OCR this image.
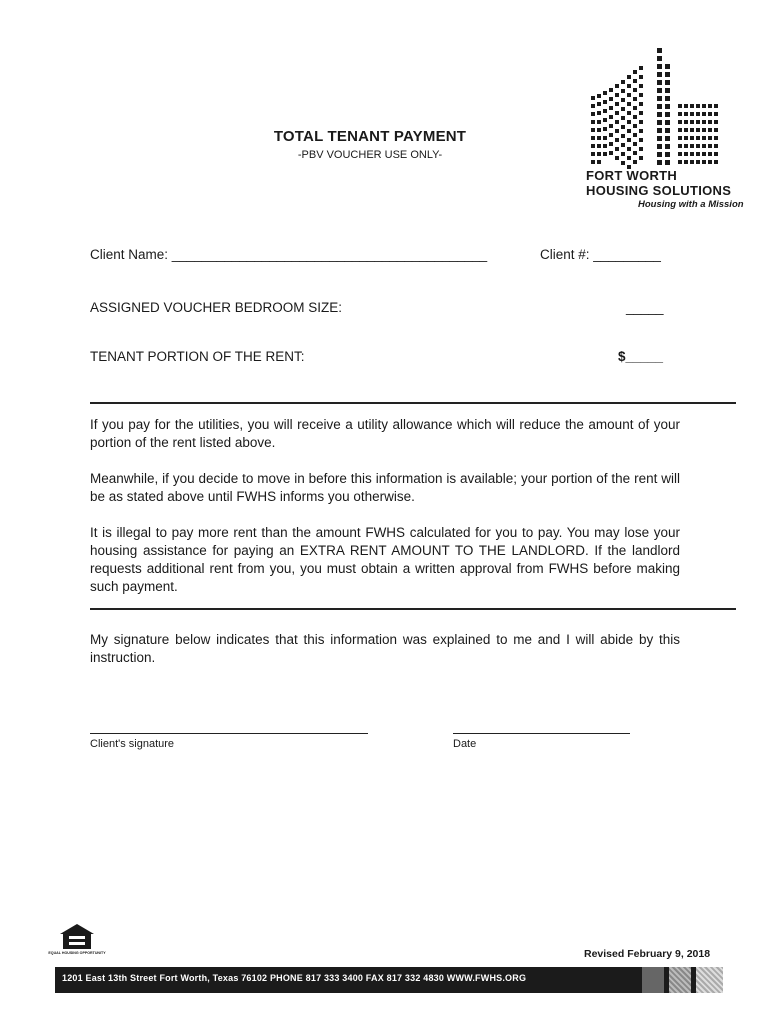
FORT WORTH
HOUSING SOLUTIONS
Housing with a Mission
TOTAL TENANT PAYMENT
-PBV VOUCHER USE ONLY-
Client Name: __________________________________________	Client #: _________
ASSIGNED VOUCHER BEDROOM SIZE:	_____
TENANT PORTION OF THE RENT:	$_____
If you pay for the utilities, you will receive a utility allowance which will reduce the amount of your portion of the rent listed above.
Meanwhile, if you decide to move in before this information is available; your portion of the rent will be as stated above until FWHS informs you otherwise.
It is illegal to pay more rent than the amount FWHS calculated for you to pay. You may lose your housing assistance for paying an EXTRA RENT AMOUNT TO THE LANDLORD. If the landlord requests additional rent from you, you must obtain a written approval from FWHS before making such payment.
My signature below indicates that this information was explained to me and I will abide by this instruction.
Client's signature	Date
EQUAL HOUSING OPPORTUNITY	Revised February 9, 2018
1201 East 13th Street Fort Worth, Texas 76102 PHONE 817 333 3400 FAX 817 332 4830 WWW.FWHS.ORG
